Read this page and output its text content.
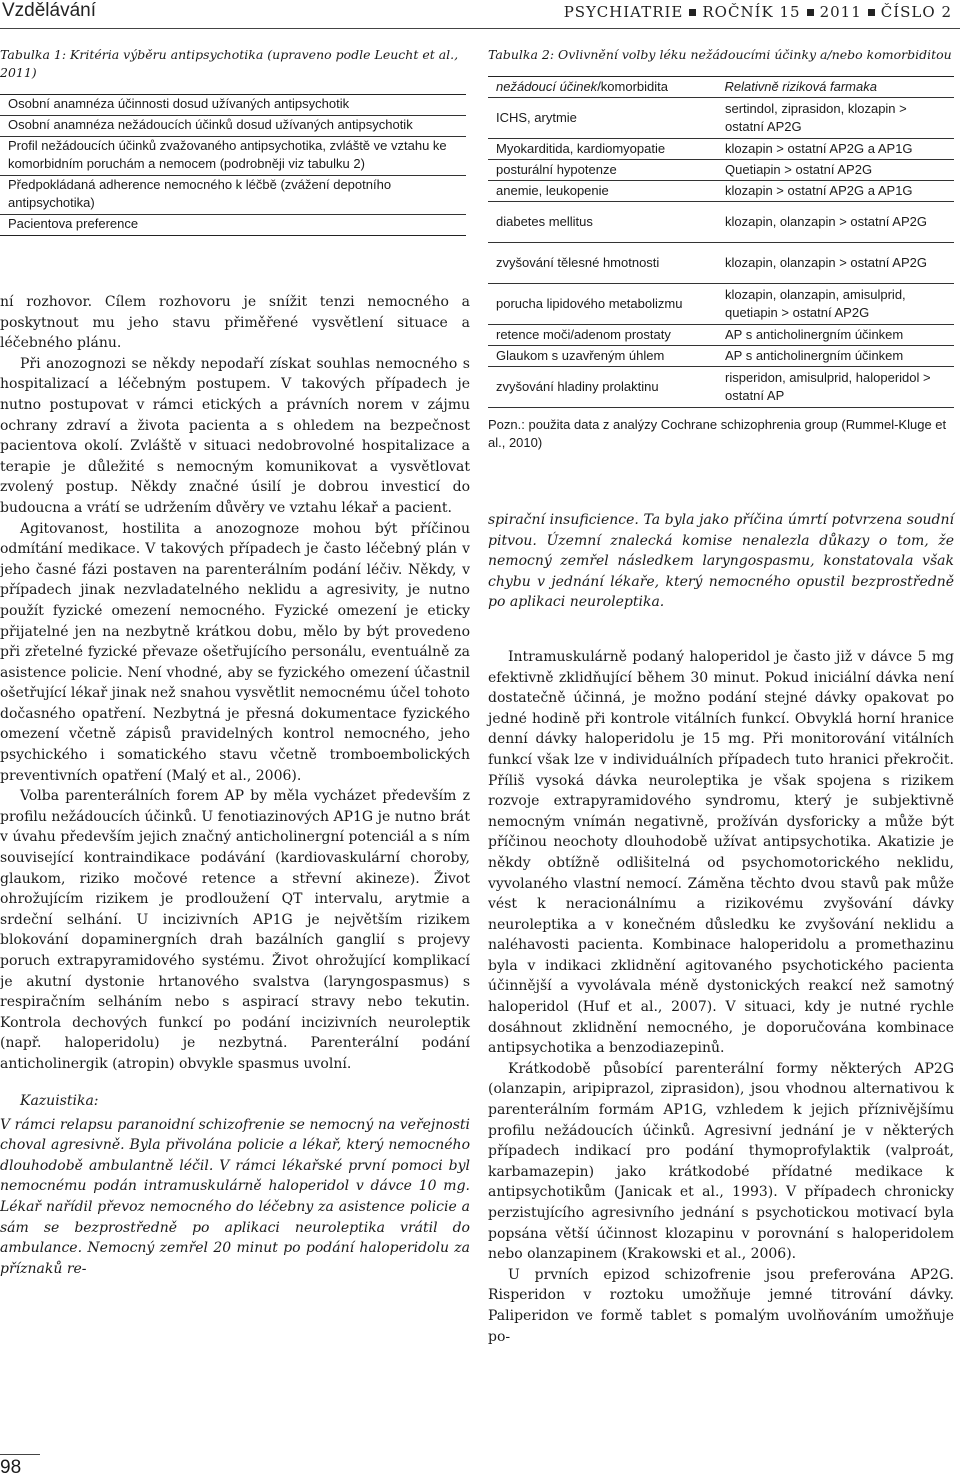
Vzdělávání	PSYCHIATRIE ROČNÍK 15 2011 ČÍSLO 2
Tabulka 1: Kritéria výběru antipsychotika (upraveno podle Leucht et al., 2011)
Osobní anamnéza účinnosti dosud užívaných antipsychotik
Osobní anamnéza nežádoucích účinků dosud užívaných antipsychotik
Profil nežádoucích účinků zvažovaného antipsychotika, zvláště ve vztahu ke komorbidním poruchám a nemocem (podrobněji viz tabulku 2)
Předpokládaná adherence nemocného k léčbě (zvážení depotního antipsychotika)
Pacientova preference

ní rozhovor. Cílem rozhovoru je snížit tenzi nemocného a poskytnout mu jeho stavu přiměřené vysvětlení situace a léčebného plánu.

Při anozognozi se někdy nepodaří získat souhlas nemocného s hospitalizací a léčebným postupem. V takových případech je nutno postupovat v rámci etických a právních norem v zájmu ochrany zdraví a života pacienta a s ohledem na bezpečnost pacientova okolí. Zvláště v situaci nedobrovolné hospitalizace a terapie je důležité s nemocným komunikovat a vysvětlovat zvolený postup. Někdy značné úsilí je dobrou investicí do budoucna a vrátí se udržením důvěry ve vztahu lékař a pacient.

Agitovanost, hostilita a anozognoze mohou být příčinou odmítání medikace. V takových případech je často léčebný plán v jeho časné fázi postaven na parenterálním podání léčiv. Někdy, v případech jinak nezvladatelného neklidu a agresivity, je nutno použít fyzické omezení nemocného. Fyzické omezení je eticky přijatelné jen na nezbytně krátkou dobu, mělo by být provedeno při zřetelné fyzické převaze ošetřujícího personálu, eventuálně za asistence policie. Není vhodné, aby se fyzického omezení účastnil ošetřující lékař jinak než snahou vysvětlit nemocnému účel tohoto dočasného opatření. Nezbytná je přesná dokumentace fyzického omezení včetně zápisů pravidelných kontrol nemocného, jeho psychického i somatického stavu včetně tromboembolických preventivních opatření (Malý et al., 2006).

Volba parenterálních forem AP by měla vycházet především z profilu nežádoucích účinků. U fenotiazinových AP1G je nutno brát v úvahu především jejich značný anticholinergní potenciál a s ním související kontraindikace podávání (kardiovaskulární choroby, glaukom, riziko močové retence a střevní akineze). Život ohrožujícím rizikem je prodloužení QT intervalu, arytmie a srdeční selhání. U incizivních AP1G je největším rizikem blokování dopaminergních drah bazálních ganglií s projevy poruch extrapyramidového systému. Život ohrožující komplikací je akutní dystonie hrtanového svalstva (laryngospasmus) s respiračním selháním nebo s aspirací stravy nebo tekutin. Kontrola dechových funkcí po podání incizivních neuroleptik (např. haloperidolu) je nezbytná. Parenterální podání anticholinergik (atropin) obvykle spasmus uvolní.

Kazuistika:

V rámci relapsu paranoidní schizofrenie se nemocný na veřejnosti choval agresivně. Byla přivolána policie a lékař, který nemocného dlouhodobě ambulantně léčil. V rámci lékařské první pomoci byl nemocnému podán intramuskulárně haloperidol v dávce 10 mg. Lékař nařídil převoz nemocného do léčebny za asistence policie a sám se bezprostředně po aplikaci neuroleptika vrátil do ambulance. Nemocný zemřel 20 minut po podání haloperidolu za příznaků re-

Tabulka 2: Ovlivnění volby léku nežádoucími účinky a/nebo komorbiditou
nežádoucí účinek/komorbidita	Relativně riziková farmaka
ICHS, arytmie	sertindol, ziprasidon, klozapin > ostatní AP2G
Myokarditida, kardiomyopatie	klozapin > ostatní AP2G a AP1G
posturální hypotenze	Quetiapin > ostatní AP2G
anemie, leukopenie	klozapin > ostatní AP2G a AP1G
diabetes mellitus	klozapin, olanzapin > ostatní AP2G
zvyšování tělesné hmotnosti	klozapin, olanzapin > ostatní AP2G
porucha lipidového metabolizmu	klozapin, olanzapin, amisulprid, quetiapin > ostatní AP2G
retence moči/adenom prostaty	AP s anticholinergním účinkem
Glaukom s uzavřeným úhlem	AP s anticholinergním účinkem
zvyšování hladiny prolaktinu	risperidon, amisulprid, haloperidol > ostatní AP
Pozn.: použita data z analýzy Cochrane schizophrenia group (Rummel-Kluge et al., 2010)

spirační insuficience. Ta byla jako příčina úmrtí potvrzena soudní pitvou. Územní znalecká komise nenalezla důkazy o tom, že nemocný zemřel následkem laryngospasmu, konstatovala však chybu v jednání lékaře, který nemocného opustil bezprostředně po aplikaci neuroleptika.

Intramuskulárně podaný haloperidol je často již v dávce 5 mg efektivně zklidňující během 30 minut. Pokud iniciální dávka není dostatečně účinná, je možno podání stejné dávky opakovat po jedné hodině při kontrole vitálních funkcí. Obvyklá horní hranice denní dávky haloperidolu je 15 mg. Při monitorování vitálních funkcí však lze v individuálních případech tuto hranici překročit. Příliš vysoká dávka neuroleptika je však spojena s rizikem rozvoje extrapyramidového syndromu, který je subjektivně nemocným vnímán negativně, prožíván dysforicky a může být příčinou neochoty dlouhodobě užívat antipsychotika. Akatizie je někdy obtížně odlišitelná od psychomotorického neklidu, vyvolaného vlastní nemocí. Záměna těchto dvou stavů pak může vést k neracionálnímu a rizikovému zvyšování dávky neuroleptika a v konečném důsledku ke zvyšování neklidu a naléhavosti pacienta. Kombinace haloperidolu a promethazinu byla v indikaci zklidnění agitovaného psychotického pacienta účinnější a vyvolávala méně dystonických reakcí než samotný haloperidol (Huf et al., 2007). V situaci, kdy je nutné rychle dosáhnout zklidnění nemocného, je doporučována kombinace antipsychotika a benzodiazepinů.

Krátkodobě působící parenterální formy některých AP2G (olanzapin, aripiprazol, ziprasidon), jsou vhodnou alternativou k parenterálním formám AP1G, vzhledem k jejich příznivějšímu profilu nežádoucích účinků. Agresivní jednání je v některých případech indikací pro podání thymoprofylaktik (valproát, karbamazepin) jako krátkodobé přídatné medikace k antipsychotikům (Janicak et al., 1993). V případech chronicky perzistujícího agresivního jednání s psychotickou motivací byla popsána větší účinnost klozapinu v porovnání s haloperidolem nebo olanzapinem (Krakowski et al., 2006).

U prvních epizod schizofrenie jsou preferována AP2G. Risperidon v roztoku umožňuje jemné titrování dávky. Paliperidon ve formě tablet s pomalým uvolňováním umožňuje po-

98
